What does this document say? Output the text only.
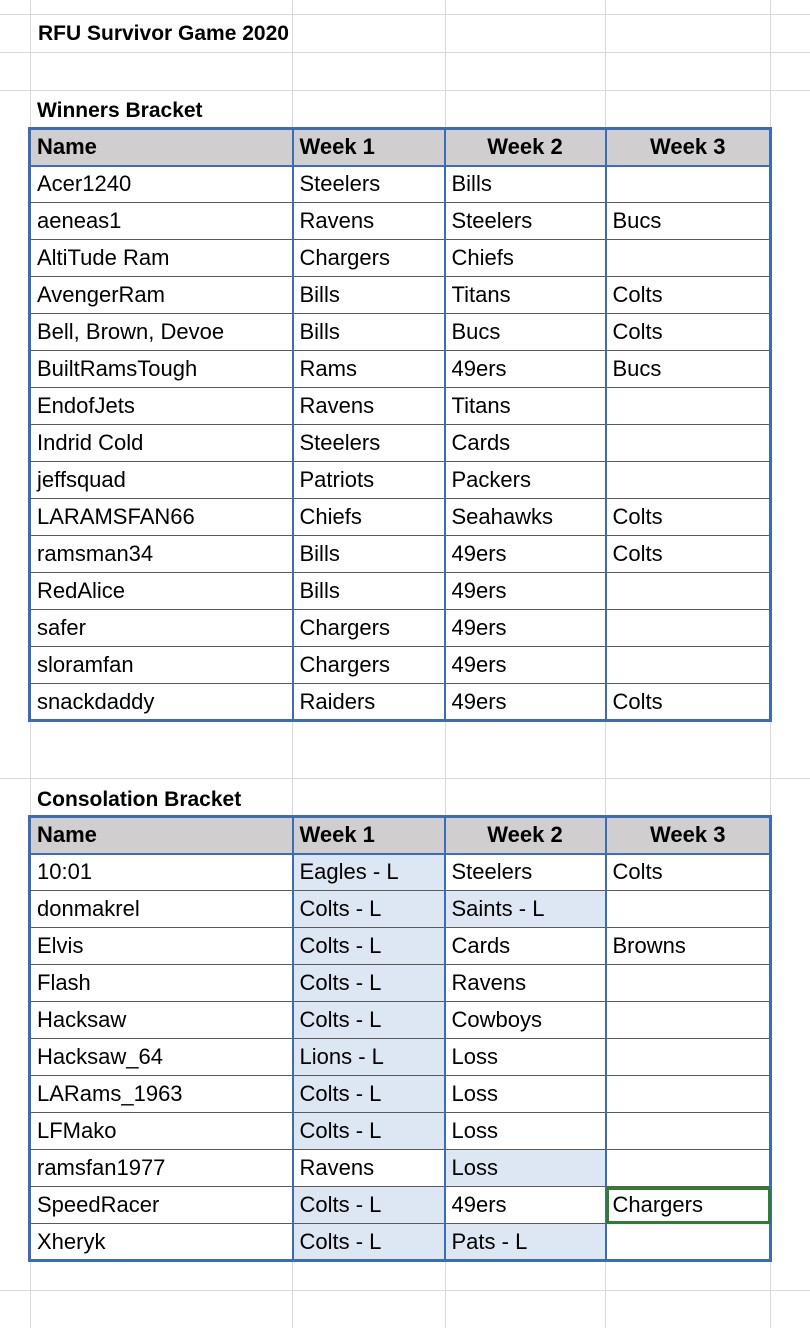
RFU Survivor Game 2020
Winners Bracket
Name	Week 1	Week 2	Week 3
Acer1240	Steelers	Bills	
aeneas1	Ravens	Steelers	Bucs
AltiTude Ram	Chargers	Chiefs	
AvengerRam	Bills	Titans	Colts
Bell, Brown, Devoe	Bills	Bucs	Colts
BuiltRamsTough	Rams	49ers	Bucs
EndofJets	Ravens	Titans	
Indrid Cold	Steelers	Cards	
jeffsquad	Patriots	Packers	
LARAMSFAN66	Chiefs	Seahawks	Colts
ramsman34	Bills	49ers	Colts
RedAlice	Bills	49ers	
safer	Chargers	49ers	
sloramfan	Chargers	49ers	
snackdaddy	Raiders	49ers	Colts
Consolation Bracket
Name	Week 1	Week 2	Week 3
10:01	Eagles - L	Steelers	Colts
donmakrel	Colts - L	Saints - L	
Elvis	Colts - L	Cards	Browns
Flash	Colts - L	Ravens	
Hacksaw	Colts - L	Cowboys	
Hacksaw_64	Lions - L	Loss	
LARams_1963	Colts - L	Loss	
LFMako	Colts - L	Loss	
ramsfan1977	Ravens	Loss	
SpeedRacer	Colts - L	49ers	Chargers
Xheryk	Colts - L	Pats - L	
